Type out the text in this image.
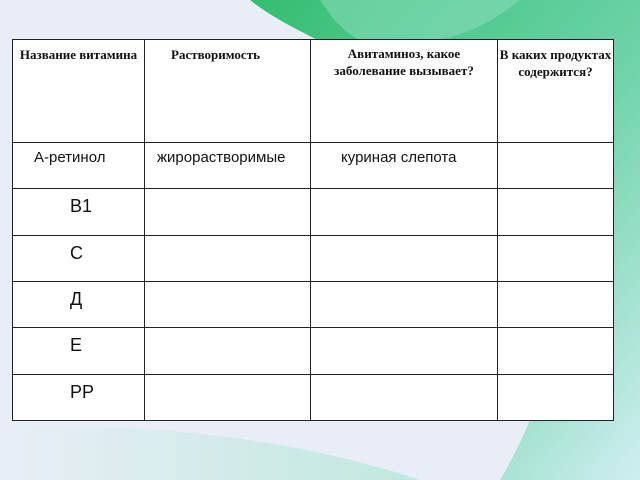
Название витамина	Растворимость	Авитаминоз, какое заболевание вызывает?	В каких продуктах содержится?

А-ретинол	жирорастворимые	куриная слепота	

В1			

С			

Д			

Е			

РР			
